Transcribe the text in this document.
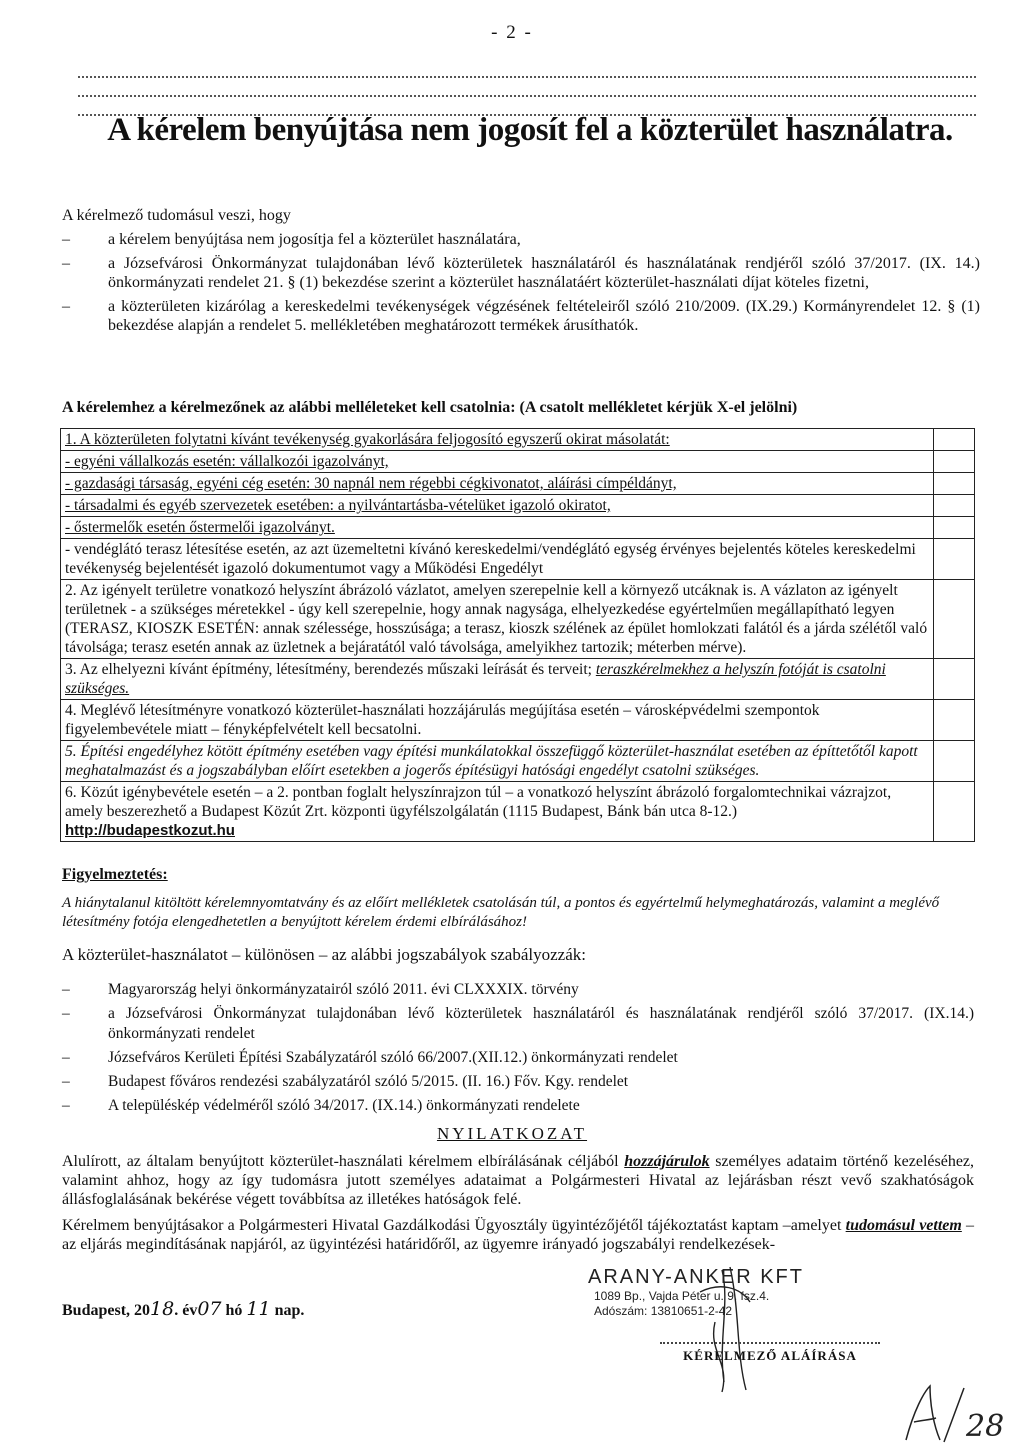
- 2 -
A kérelem benyújtása nem jogosít fel a közterület használatra.
A kérelmező tudomásul veszi, hogy
–	a kérelem benyújtása nem jogosítja fel a közterület használatára,
–	a Józsefvárosi Önkormányzat tulajdonában lévő közterületek használatáról és használatának rendjéről szóló 37/2017. (IX. 14.) önkormányzati rendelet 21. § (1) bekezdése szerint a közterület használatáért közterület-használati díjat köteles fizetni,
–	a közterületen kizárólag a kereskedelmi tevékenységek végzésének feltételeiről szóló 210/2009. (IX.29.) Kormányrendelet 12. § (1) bekezdése alapján a rendelet 5. mellékletében meghatározott termékek árusíthatók.
A kérelemhez a kérelmezőnek az alábbi melléleteket kell csatolnia: (A csatolt mellékletet kérjük X-el jelölni)
1. A közterületen folytatni kívánt tevékenység gyakorlására feljogosító egyszerű okirat másolatát:	
- egyéni vállalkozás esetén: vállalkozói igazolványt,	
- gazdasági társaság, egyéni cég esetén: 30 napnál nem régebbi cégkivonatot, aláírási címpéldányt,	
- társadalmi és egyéb szervezetek esetében: a nyilvántartásba-vételüket igazoló okiratot,	
- őstermelők esetén őstermelői igazolványt.	
- vendéglátó terasz létesítése esetén, az azt üzemeltetni kívánó kereskedelmi/vendéglátó egység érvényes bejelentés köteles kereskedelmi tevékenység bejelentését igazoló dokumentumot vagy a Működési Engedélyt	
2. Az igényelt területre vonatkozó helyszínt ábrázoló vázlatot, amelyen szerepelnie kell a környező utcáknak is. A vázlaton az igényelt területnek - a szükséges méretekkel - úgy kell szerepelnie, hogy annak nagysága, elhelyezkedése egyértelműen megállapítható legyen (TERASZ, KIOSZK ESETÉN: annak szélessége, hosszúsága; a terasz, kioszk szélének az épület homlokzati falától és a járda szélétől való távolsága; terasz esetén annak az üzletnek a bejáratától való távolsága, amelyikhez tartozik; méterben mérve).	
3. Az elhelyezni kívánt építmény, létesítmény, berendezés műszaki leírását és terveit; teraszkérelmekhez a helyszín fotóját is csatolni szükséges.	
4. Meglévő létesítményre vonatkozó közterület-használati hozzájárulás megújítása esetén – városképvédelmi szempontok figyelembevétele miatt – fényképfelvételt kell becsatolni.	
5. Építési engedélyhez kötött építmény esetében vagy építési munkálatokkal összefüggő közterület-használat esetében az építtetőtől kapott meghatalmazást és a jogszabályban előírt esetekben a jogerős építésügyi hatósági engedélyt csatolni szükséges.	
6. Közút igénybevétele esetén – a 2. pontban foglalt helyszínrajzon túl – a vonatkozó helyszínt ábrázoló forgalomtechnikai vázrajzot, amely beszerezhető a Budapest Közút Zrt. központi ügyfélszolgálatán (1115 Budapest, Bánk bán utca 8-12.)
http://budapestkozut.hu	
Figyelmeztetés:
A hiánytalanul kitöltött kérelemnyomtatvány és az előírt mellékletek csatolásán túl, a pontos és egyértelmű helymeghatározás, valamint a meglévő létesítmény fotója elengedhetetlen a benyújtott kérelem érdemi elbírálásához!
A közterület-használatot – különösen – az alábbi jogszabályok szabályozzák:
–	Magyarország helyi önkormányzatairól szóló 2011. évi CLXXXIX. törvény
–	a Józsefvárosi Önkormányzat tulajdonában lévő közterületek használatáról és használatának rendjéről szóló 37/2017. (IX.14.) önkormányzati rendelet
–	Józsefváros Kerületi Építési Szabályzatáról szóló 66/2007.(XII.12.) önkormányzati rendelet
–	Budapest főváros rendezési szabályzatáról szóló 5/2015. (II. 16.) Főv. Kgy. rendelet
–	A településkép védelméről szóló 34/2017. (IX.14.) önkormányzati rendelete
NYILATKOZAT
Alulírott, az általam benyújtott közterület-használati kérelmem elbírálásának céljából hozzájárulok személyes adataim történő kezeléséhez, valamint ahhoz, hogy az így tudomásra jutott személyes adataimat a Polgármesteri Hivatal az lejárásban részt vevő szakhatóságok állásfoglalásának bekérése végett továbbítsa az illetékes hatóságok felé.
Kérelmem benyújtásakor a Polgármesteri Hivatal Gazdálkodási Ügyosztály ügyintézőjétől tájékoztatást kaptam –amelyet tudomásul vettem – az eljárás megindításának napjáról, az ügyintézési határidőről, az ügyemre irányadó jogszabályi rendelkezések-
Budapest, 2018. év07 hó 11 nap.
ARANY-ANKER KFT
1089 Bp., Vajda Péter u. 9. fsz.4.
Adószám: 13810651-2-42
KÉRELMEZŐ ALÁÍRÁSA
28
